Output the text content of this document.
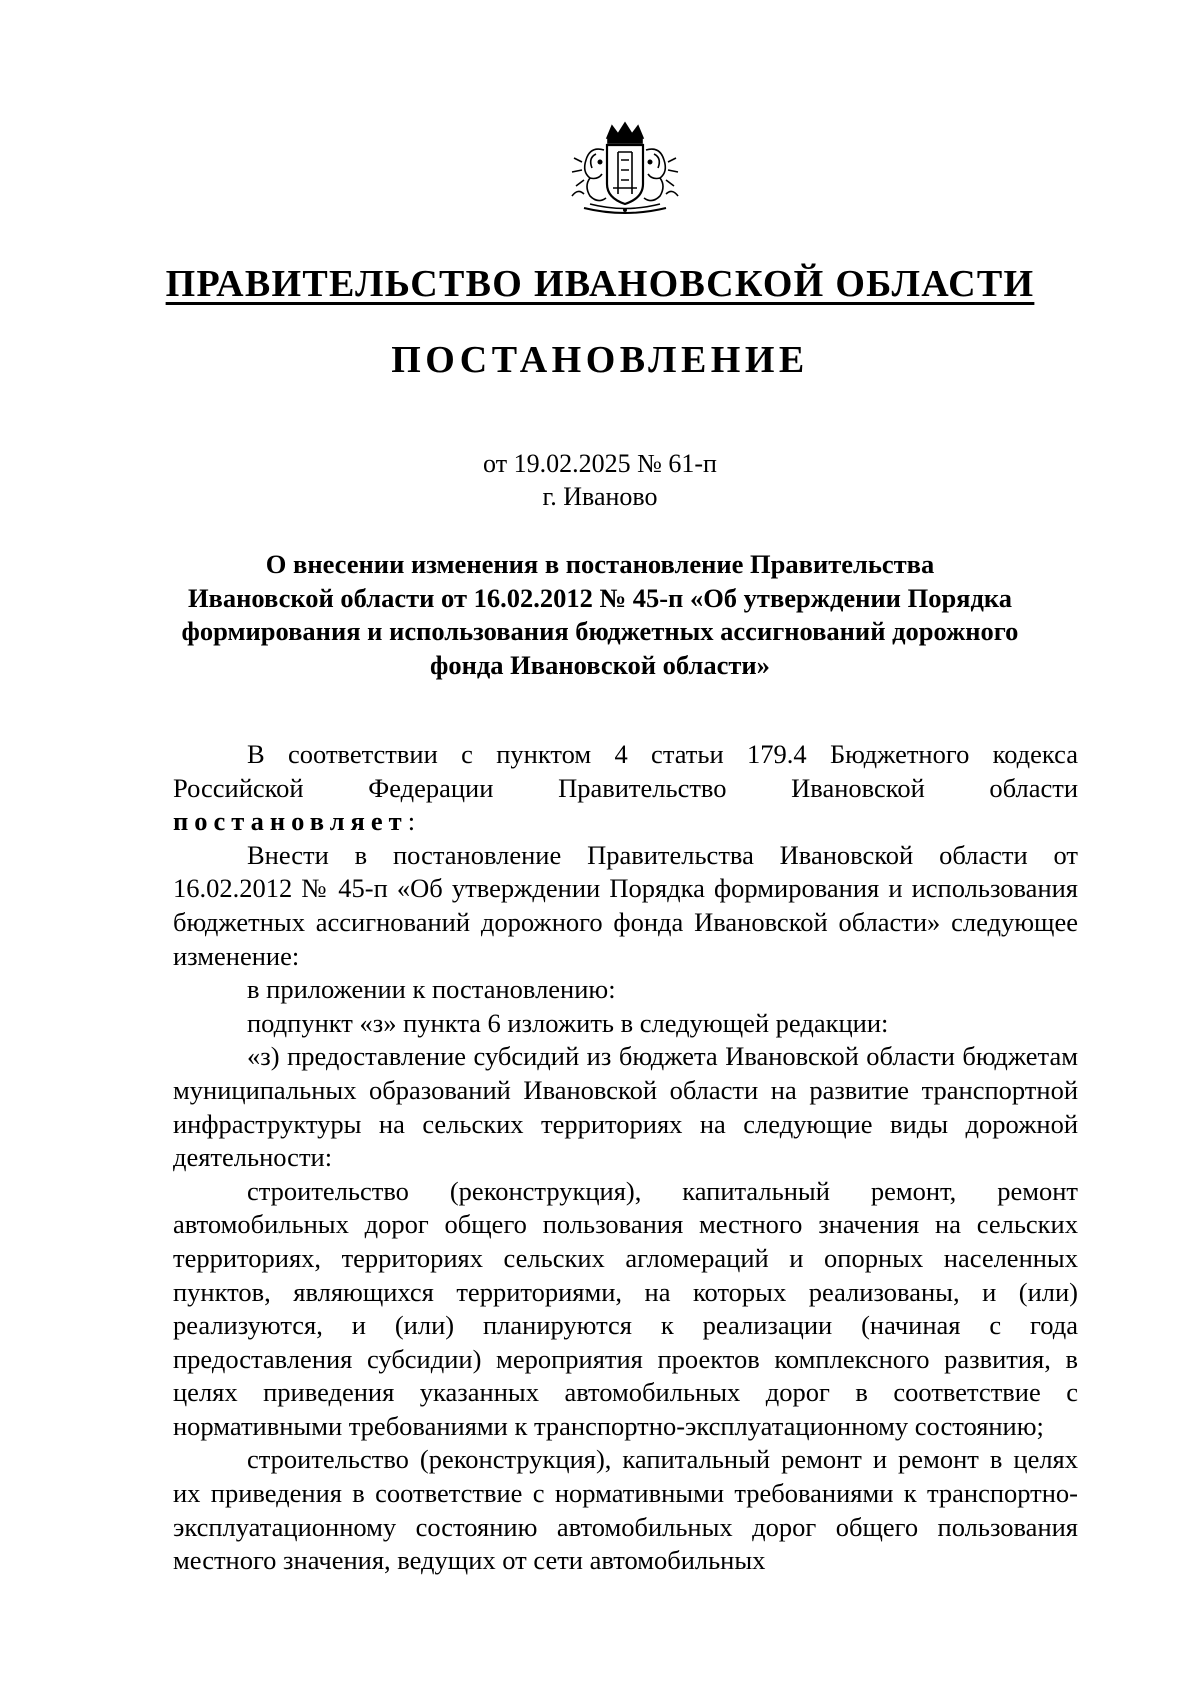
ПРАВИТЕЛЬСТВО ИВАНОВСКОЙ ОБЛАСТИ
ПОСТАНОВЛЕНИЕ
от 19.02.2025 № 61-п
г. Иваново
О внесении изменения в постановление Правительства
Ивановской области от 16.02.2012 № 45-п «Об утверждении Порядка
формирования и использования бюджетных ассигнований дорожного
фонда Ивановской области»

В соответствии с пунктом 4 статьи 179.4 Бюджетного кодекса Российской Федерации Правительство Ивановской области постановляет:

Внести в постановление Правительства Ивановской области от 16.02.2012 № 45-п «Об утверждении Порядка формирования и использования бюджетных ассигнований дорожного фонда Ивановской области» следующее изменение:

в приложении к постановлению:

подпункт «з» пункта 6 изложить в следующей редакции:

«з) предоставление субсидий из бюджета Ивановской области бюджетам муниципальных образований Ивановской области на развитие транспортной инфраструктуры на сельских территориях на следующие виды дорожной деятельности:

строительство (реконструкция), капитальный ремонт, ремонт автомобильных дорог общего пользования местного значения на сельских территориях, территориях сельских агломераций и опорных населенных пунктов, являющихся территориями, на которых реализованы, и (или) реализуются, и (или) планируются к реализации (начиная с года предоставления субсидии) мероприятия проектов комплексного развития, в целях приведения указанных автомобильных дорог в соответствие с нормативными требованиями к транспортно-эксплуатационному состоянию;

строительство (реконструкция), капитальный ремонт и ремонт в целях их приведения в соответствие с нормативными требованиями к транспортно-эксплуатационному состоянию автомобильных дорог общего пользования местного значения, ведущих от сети автомобильных
